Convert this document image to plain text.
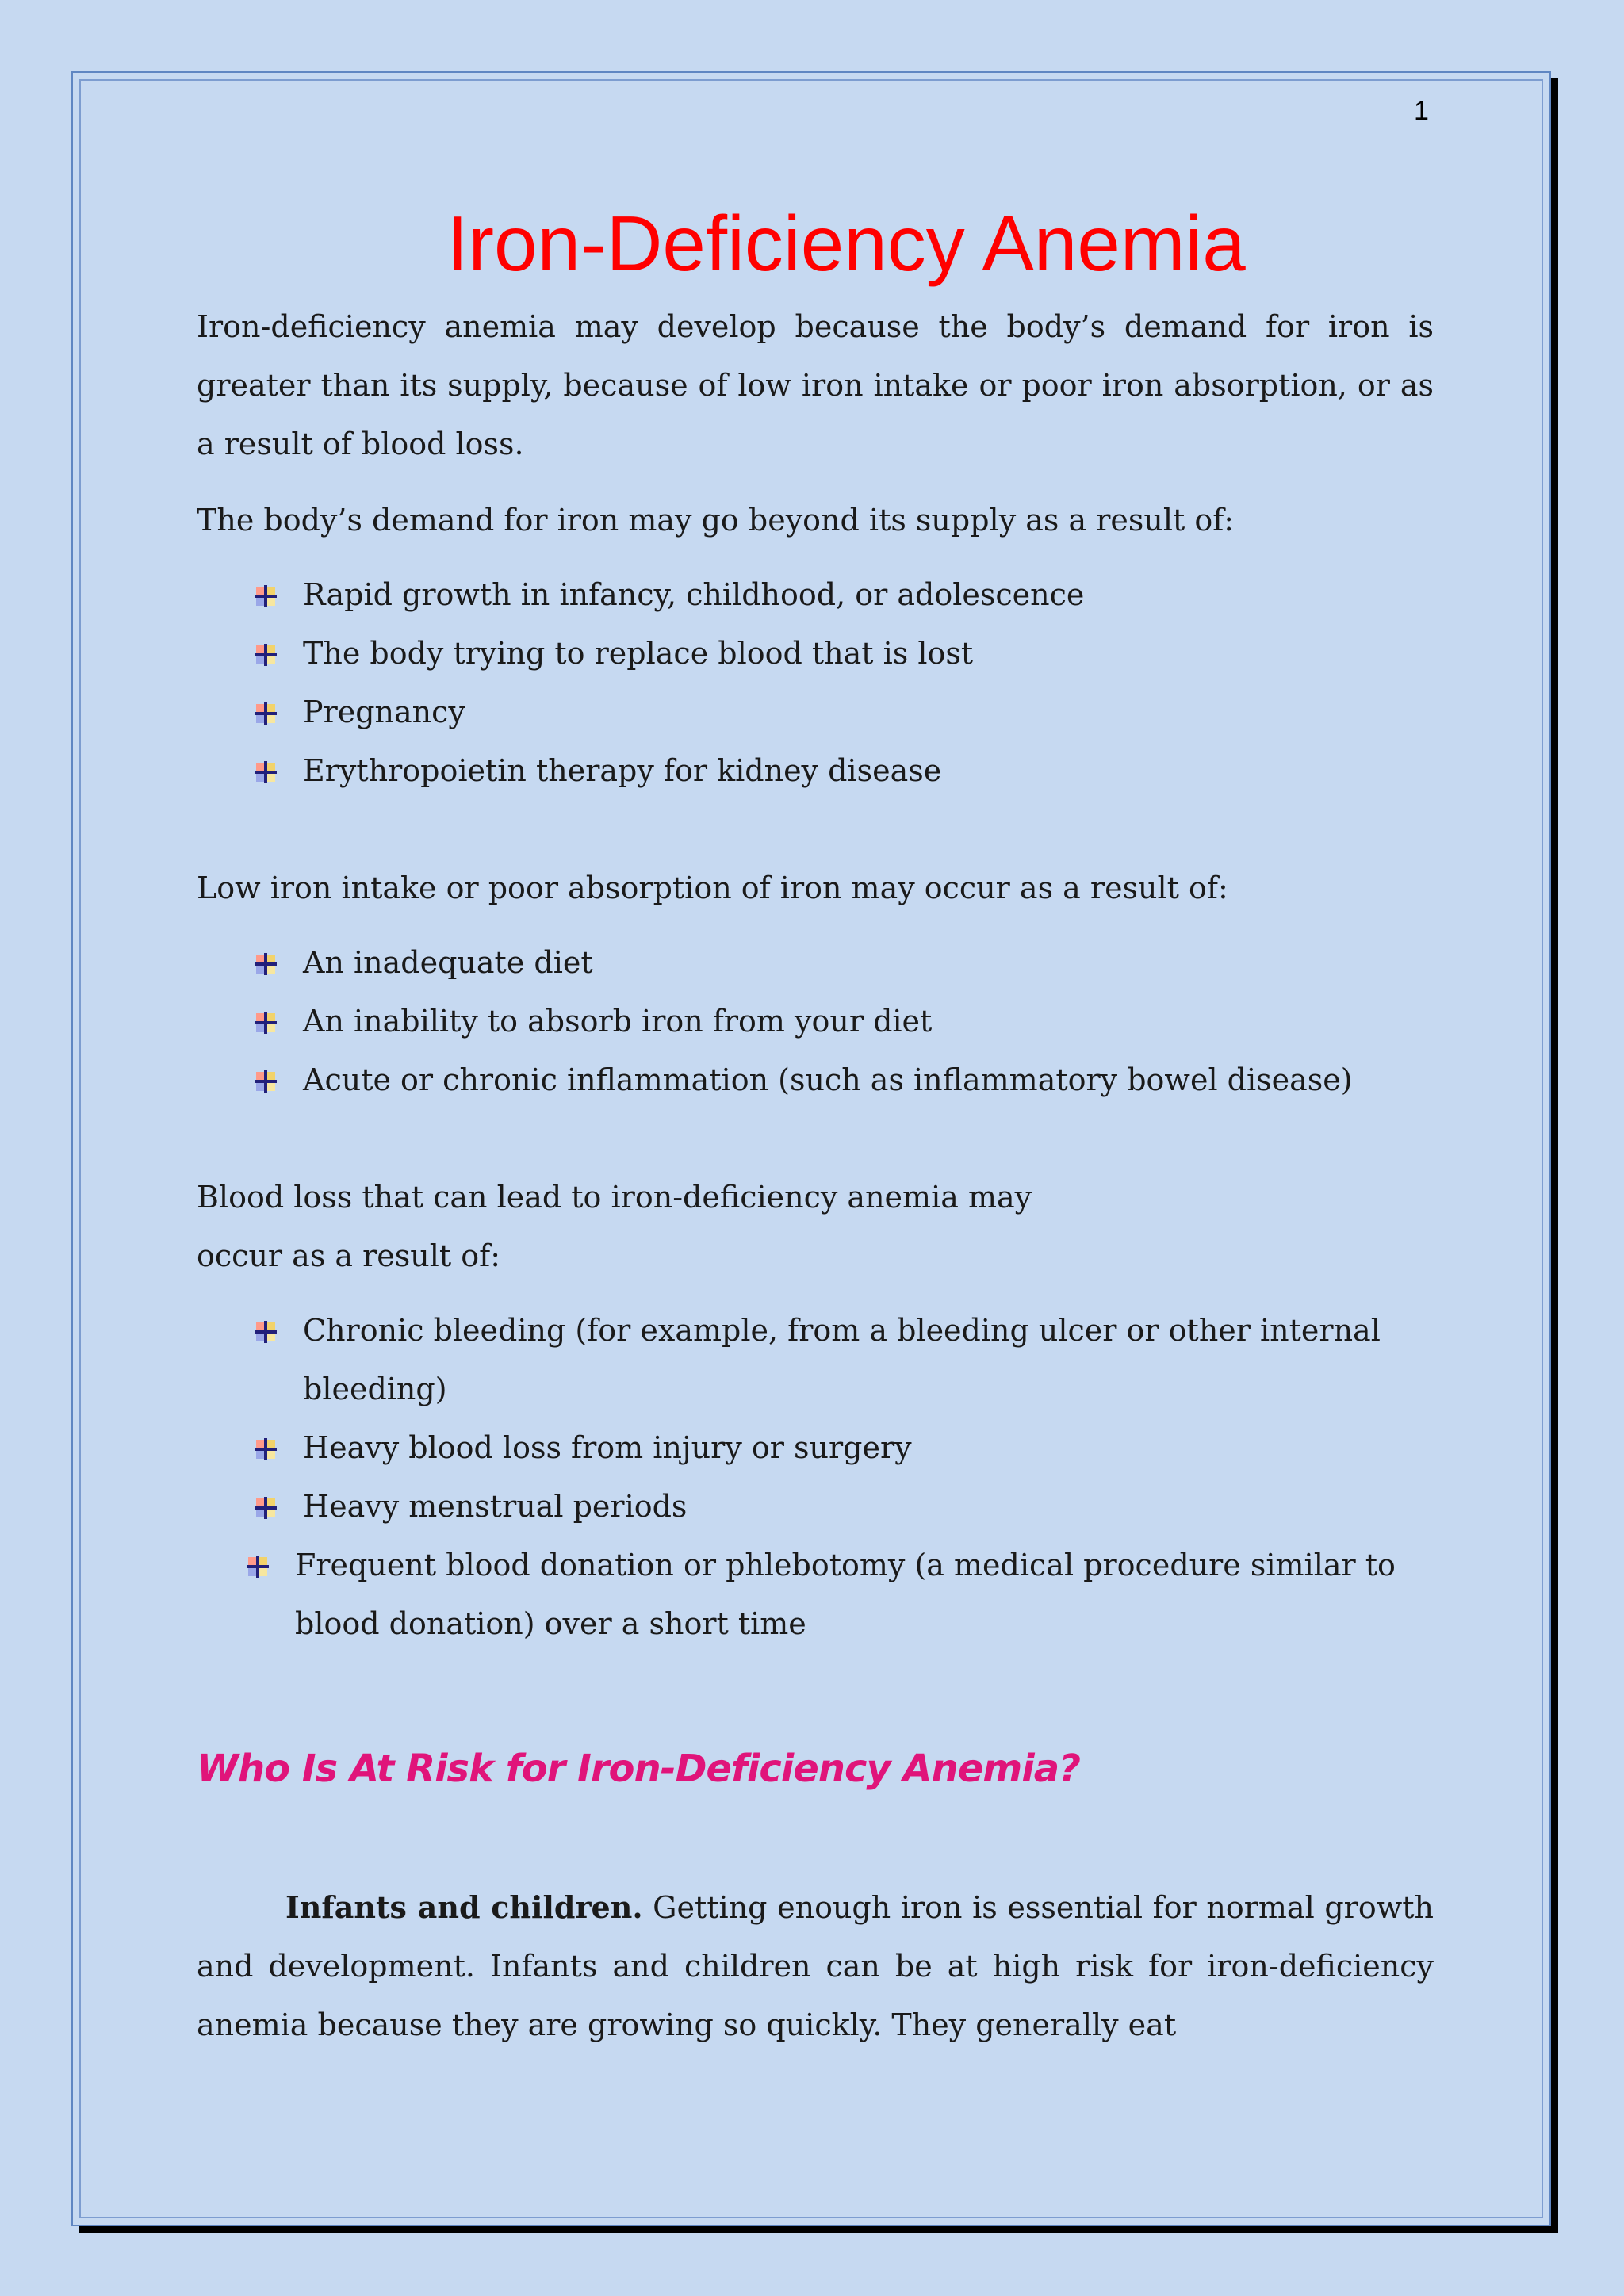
1
Iron-Deficiency Anemia

Iron-deficiency anemia may develop because the body’s demand for iron is greater than its supply, because of low iron intake or poor iron absorption, or as a result of blood loss.

The body’s demand for iron may go beyond its supply as a result of:

Rapid growth in infancy, childhood, or adolescence
The body trying to replace blood that is lost
Pregnancy
Erythropoietin therapy for kidney disease

Low iron intake or poor absorption of iron may occur as a result of:

An inadequate diet
An inability to absorb iron from your diet
Acute or chronic inflammation (such as inflammatory bowel disease)

Blood loss that can lead to iron-deficiency anemia may
occur as a result of:

Chronic bleeding (for example, from a bleeding ulcer or other internal bleeding)
Heavy blood loss from injury or surgery
Heavy menstrual periods
Frequent blood donation or phlebotomy (a medical procedure similar to blood donation) over a short time
Who Is At Risk for Iron-Deficiency Anemia?

Infants and children. Getting enough iron is essential for normal growth and development. Infants and children can be at high risk for iron-deficiency anemia because they are growing so quickly. They generally eat
